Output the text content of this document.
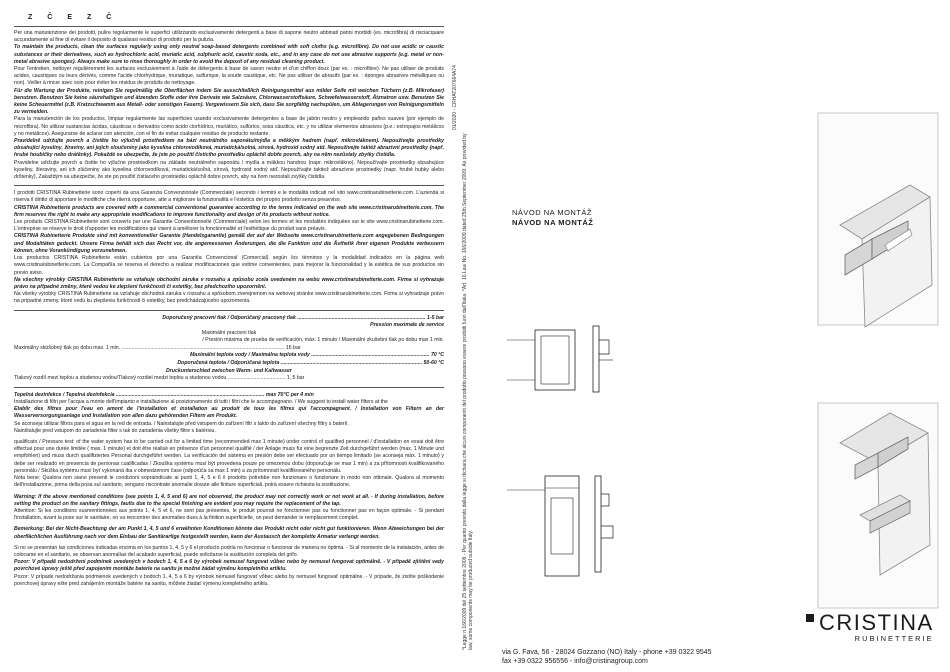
Z Č E Z Č

Per una manutenzione dei prodotti, pulire regolarmente le superfici utilizzando esclusivamente detergenti a base di sapone neutro abbinati panni morbidi (es. microfibra) di risciacquare accuratamente al fine di evitare il deposito di qualsiasi residuo di prodotto per la pulizia.

To maintain the products, clean the surfaces regularly using only neutral soap-based detergents combined with soft cloths (e.g. microfibre). Do not use acidic or caustic substances or their derivatives, such as hydrochloric acid, muriatic acid, sulphuric acid, caustic soda, etc., and in any case do not use abrasive supports (e.g. metal or non-metal abrasive sponges). Always make sure to rinse thoroughly in order to avoid the deposit of any residual cleaning product.

Pour l'entretien, nettoyer régulièrement les surfaces exclusivement à l'aide de détergents à base de savon neutre et d'un chiffon doux (par ex. : microfibre). Ne pas utiliser de produits acides, caustiques ou leurs dérivés, comme l'acide chlorhydrique, muriatique, sulfurique, la soude caustique, etc. Ne pas utiliser de abrasifs (par ex. : éponges abrasives métalliques ou non). Veiller à rincer avec soin pour éviter les résidus de produits de nettoyage.

Für die Wartung der Produkte, reinigen Sie regelmäßig die Oberflächen indem Sie ausschließlich Reinigungsmittel aus milder Seife mit weichen Tüchern (z.B. Mikrofaser) benutzen. Benutzen Sie keine säurehaltigen und ätzenden Stoffe oder ihre Derivate wie Salzsäure, Chlorwasserstoffsäure, Schwefelwasserstoff, Ätznatron usw. Benutzen Sie keine Scheuermittel (z.B. Kratzschwamm aus Metall- oder sonstigen Fasern). Vergewissern Sie sich, dass Sie sorgfältig nachspülen, um Ablagerungen von Reinigungsmitteln zu vermeiden.

Para la manutención de los productos, limpiar regularmente las superficies usando exclusivamente detergentes a base de jabón neutro y empleando paños suaves (por ejemplo de microfibra). No utilizar sustancias ácidas, cáusticas o derivados como ácido clorhídrico, muriático, sulfúrico, sosa cáustica, etc. y no utilizar elementos abrasivos (p.e.: estropajos metálicos y no metálicos). Asegurarse de aclarar con atención, con el fin de evitar cualquier residuo de producto restante.

Pravidelně udržujte povrch a čistěte ho výlučně prostředkem na bázi neutrálního saponátu/mýdla a měkkým hadrem (např. mikrovláknem). Nepoužívejte prostředky obsahující kyseliny, žíraviny, ani jejich sloučeniny jako kyselina chlorovodíková, muriatická/solná, sírová, hydroxid sodný atd. Nepoužívejte taktéž abrazivní prostředky (např. hrubé houbičky nebo drátěnky). Pokaždé se ubezpečte, že jste po použití čisticího prostředku opláchli dobře povrch, aby na něm nezůstaly zbytky čistidla.

Pravidelne udržujte povrch a čistite ho výlučne prostriedkom na základe neutrálneho saponátu / mydla a mäkkou handrou (napr. mikrovlákno). Nepoužívajte prostriedky obsahujúce kyseliny, žieraviny, ani ich zlúčeniny ako kyselina chlorovodíková, muriatická/soľná, sírová, hydroxid sodný atď. Nepoužívajte taktiež abrazívne prostriedky (napr. hrubé hubky alebo drôtenky). Zakaždým sa ubezpečte, že ste po použití čistiaceho prostriedku opláchli dobre povrch, aby na ňom nezostali zvyšky čistidla.

I prodotti CRISTINA Rubinetterie sono coperti da una Garanzia Convenzionale (Commerciale) secondo i termini e le modalità indicati nel sito www.cristinarubinetterie.com. L'azienda si riserva il diritto di apportare le modifiche che riterrà opportune, atte a migliorare la funzionalità e l'estetica del proprio prodotto senza preavviso.

CRISTINA Rubinetterie products are covered with a commercial conventional guarantee according to the terms indicated on the web site www.cristinarubinetterie.com. The firm reserves the right to make any appropriate modifications to improve functionality and design of its products without notice.

Les produits CRISTINA Rubinetterie sont couverts par une Garantie Conventionnelle (Commerciale) selon les termes et les modalités indiquées sur le site www.cristinarubinetterie.com. L'entreprise se réserve le droit d'apporter les modifications qui visent à améliorer la fonctionnalité et l'esthétique du produit sans préavis.

CRISTINA Rubinetterie Produkte sind mit konventioneller Garantie (Handelsgarantie) gemäß der auf der Webseite www.cristinarubinetterie.com angegebenen Bedingungen und Modalitäten gedeckt. Unsere Firma behält sich das Recht vor, die angemessenen Änderungen, die die Funktion und die Ästhetik ihrer eigenen Produkte verbessern können, ohne Vorankündigung vorzunehmen.

Los productos CRISTINA Rubinetterie están cubiertos por una Garantía Convencional (Comercial) según los términos y la modalidad indicados en la página web www.cristinarubinetterie.com. La Compañía se reserva el derecho a realizar modificaciones que estime convenientes, para mejorar la funcionalidad y la estética de sus productos sin previo aviso.

Na všechny výrobky CRISTINA Rubinetterie se vztahuje obchodní záruka v rozsahu a způsobu zcela uvedeném na webu www.cristinarubinetterie.com. Firma si vyhrazuje právo na případné změny, které vedou ke zlepšení funkčnosti či estetiky, bez předchozího upozornění.

Na všetky výrobky CRISTINA Rubinetterie sa vzťahuje obchodná záruka v rozsahu a spôsobom zverejnenom na webovej stránke www.cristinarubinetterie.com. Firma si vyhradzuje právo na prípadné zmeny, ktoré vedú ku zlepšeniu funkčnosti či estetiky, bez predchádzajúceho upozornenia.

Doporučený pracovní tlak / Odporúčaný pracovný tlak ......................................................................................... 1-5 bar
Pression maximale de service
Maximální pracovní tlak
/ Presión máxima de prueba de verificación, máx. 1 minuto / Maximální zkušební tlak po dobu max 1 min.
Maximálny skúšobný tlak po dobu max. 1 min. ................................................................................................................. 16 bar
Maximální teplota vody / Maximálna teplota vody .................................................................................. 70 °C
Doporučená teplota / Odporúčaná teplota .................................................................................................. 50-60 °C
Druckunterschied zwischen Warm- und Kaltwasser
Tlakový rozdíl mezi teplou a studenou vodou/Tlakový rozdiel medzi teplou a studenou vodou ........................................ 1, 5 bar

Tepelná dezinfekce / Tepelná dezinfekcia ....................................................................................................... max 70°C per 4 min

Installazione di filtri per l'acqua a monte dell'impianto e installazione al posizionamento di tutti i filtri che le accompagnano. / We suggest to install water filters at the

Etablir des filtres pour l'eau en amont de l'installation et installation au produit de tous les filtres qui l'accompagnent. / Installation von Filtern an der Wasserversorgungsanlage und Installation von allen dazu gehörenden Filtern am Produkt.

Se aconseja utilizar filtros para el agua en la red de entrada. / Nainstalujte před vstupem do zařízení filtr s takto do zařízení všechny filtry s baterií.

Nainštalujte pred vstupom do zariadenia filter s tak do zariadenia všetky filtre s batériou.

qualificato / Pressure test: of the water system has to be carried out for a limited time (recommended max 1 minute) under control of qualified personnel / d'installation en essai doit être effectué pour une durée limitée ( max. 1 minute) et doit être réalisé en présence d'un personnel qualifié / der Anlage muss für eine begrenzte Zeit durchgeführt werden (max. 1 Minute und empfohlen) und muss durch qualifiziertes Personal durchgeführt werden. La verificación del sistema en presión debe ser efectuado por un tiempo limitado (se aconseja máx. 1 minuto) y debe ser realizado en presencia de personas cualificadas / Zkouška systému musí být provedena pouze po omezenou dobu (doporučuje se max 1 min) a za přítomnosti kvalifikovaného personálu / Skúška systému musí byť vykonaná iba v obmedzenom čase (odporúča sa max 1 min) a za prítomnosti kvalifikovaného personálu.

Nota bene: Qualora non siano presenti le condizioni sopraindicate ai punti 1, 4, 5 e 6 il prodotto potrebbe non funzionare o funzionare in modo non ottimale. Qualora al momento dell'installazione, prima della posa sul sanitario, vengano riscontrate anomalie dovute alle finiture superficiali, potrà essere richiesta la sostituzione.

Warning: If the above mentioned conditions (see points 1, 4, 5 and 6) are not observed, the product may not correctly work or not work at all. - If during installation, before setting the product on the sanitary fittings, faults due to the special finishing are evident you may require the replacement of the tap.

Attention: Si les conditions susmentionnées aux points 1, 4, 5 et 6, ne sont pas présentes, le produit pourrait ne fonctionner pas ou fonctionner pas en façon optimale. - Si pendant l'installation, avant la pose sur le sanitaire, on va rencontrer des anomalies dues à la finition superficielle, on peut demander le remplacement complet.

Bemerkung: Bei der Nicht-Beachtung der am Punkt 1, 4, 5 und 6 erwähnten Konditionen könnte das Produkt nicht oder nicht gut funktionieren. Wenn Abweichungen bei der oberflächlichen Ausführung nach vor dem Einbau der Sanitärartige festgestellt werden, kann der Austausch der komplette Armatur verlangt werden.

Si no se presentan las condiciones indicadas encima en los puntos 1, 4, 5 y 6 el producto podría no funcionar o funcionar de manera no óptima. - Si al momento de la instalación, antes de colocarse en el sanitario, se observan anomalías del acabado superficial, puede solicitarse la sustitución completa del grifo.

Pozor: V případě nedodržení podmínek uvedených v bodech 1, 4, 5 a 6 by výrobek nemusel fungovat vůbec nebo by nemusel fungovat optimálně. - V případě zjištění vady povrchové úpravy ještě před zapojením montáže baterie na sanitu je možné žádat výměnu kompletního artiklu.

Pozor: V prípade nedodržania podmienok uvedených v bodoch 1, 4, 5 a 6 by výrobok nemusel fungovať vôbec alebo by nemusel fungovať optimálne. - V prípade, že zistíte poškodenie povrchovej úpravy ešte pred zahájením montáže batérie na sanitu, môžete žiadať výmenu kompletného artiklu.

01/2020 - CRHAT207664A74
*Legge n.166/2009 del 25 settembre 2009 - Per quanto previsto dalla legge si dichiara che alcuni componenti del prodotto possono essere prodotti fuori dall'Italia. *Art. 16 Law No. 166/2009 dated 25th September 2009: As provided by law, some components may be produced outside Italy.
NÁVOD NA MONTÁŽ
NÁVOD NA MONTÁŽ
CRISTINA
RUBINETTERIE
via G. Fava, 56 - 28024 Gozzano (NO) Italy - phone +39 0322 9545
fax +39 0322 956556 - info@cristinagroup.com
